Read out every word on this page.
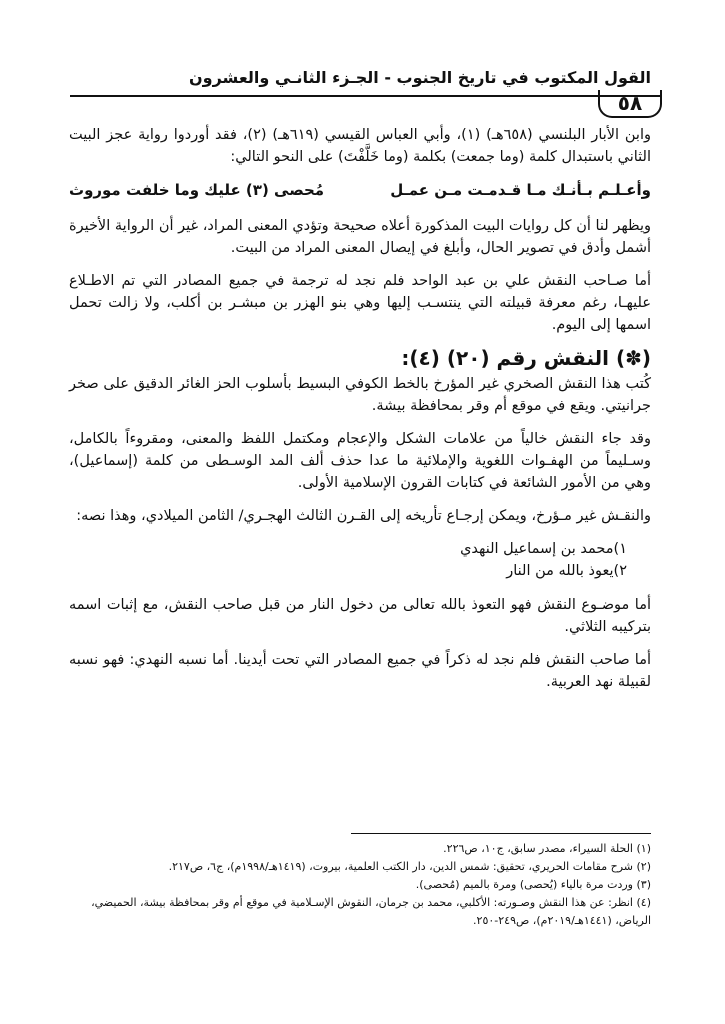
القول المكتوب في تاريخ الجنوب - الجـزء الثانـي والعشرون
٥٨

وابن الأبار البلنسي (٦٥٨هـ) (١)، وأبي العباس القيسي (٦١٩هـ) (٢)، فقد أوردوا رواية عجز البيت الثاني باستبدال كلمة (وما جمعت) بكلمة (وما خَلَّفْتَ) على النحو التالي:

وأعـلـم بـأنـك مـا قـدمـت مـن عمـل
مُحصى (٣) عليك وما خلفت موروث

ويظهر لنا أن كل روايات البيت المذكورة أعلاه صحيحة وتؤدي المعنى المراد، غير أن الرواية الأخيرة أشمل وأدق في تصوير الحال، وأبلغ في إيصال المعنى المراد من البيت.

أما صـاحب النقش علي بن عبد الواحد فلم نجد له ترجمة في جميع المصادر التي تم الاطـلاع عليهـا، رغم معرفة قبيلته التي ينتسـب إليها وهي بنو الهزر بن مبشـر بن أكلب، ولا زالت تحمل اسمها إلى اليوم.

(✽) النقش رقم (٢٠) (٤):

كُتب هذا النقش الصخري غير المؤرخ بالخط الكوفي البسيط بأسلوب الحز الغائر الدقيق على صخر جرانيتي. ويقع في موقع أم وقر بمحافظة بيشة.

وقد جاء النقش خالياً من علامات الشكل والإعجام ومكتمل اللفظ والمعنى، ومقروءاً بالكامل، وسـليماً من الهفـوات اللغوية والإملائية ما عدا حذف ألف المد الوسـطى من كلمة (إسماعيل)، وهي من الأمور الشائعة في كتابات القرون الإسلامية الأولى.

والنقـش غير مـؤرخ، ويمكن إرجـاع تأريخه إلى القـرن الثالث الهجـري/ الثامن الميلادي، وهذا نصه:

١)محمد بن إسماعيل النهدي
٢)يعوذ بالله من النار

أما موضـوع النقش فهو التعوذ بالله تعالى من دخول النار من قبل صاحب النقش، مع إثبات اسمه بتركيبه الثلاثي.

أما صاحب النقش فلم نجد له ذكراً في جميع المصادر التي تحت أيدينا. أما نسبه النهدي: فهو نسبه لقبيلة نهد العربية.

(١) الحلة السيراء، مصدر سابق، ج١٠، ص٢٢٦.
(٢) شرح مقامات الحريري، تحقيق: شمس الدين، دار الكتب العلمية، بيروت، (١٤١٩هـ/١٩٩٨م)، ج٦، ص٢١٧.
(٣) وردت مرة بالياء (يُحصى) ومرة بالميم (مُحصى).
(٤) انظر: عن هذا النقش وصـورته: الأكلبي، محمد بن جرمان، النقوش الإسـلامية في موقع أم وقر بمحافظة بيشة، الحميضي، الرياض، (١٤٤١هـ/٢٠١٩م)، ص٢٤٩-٢٥٠.
